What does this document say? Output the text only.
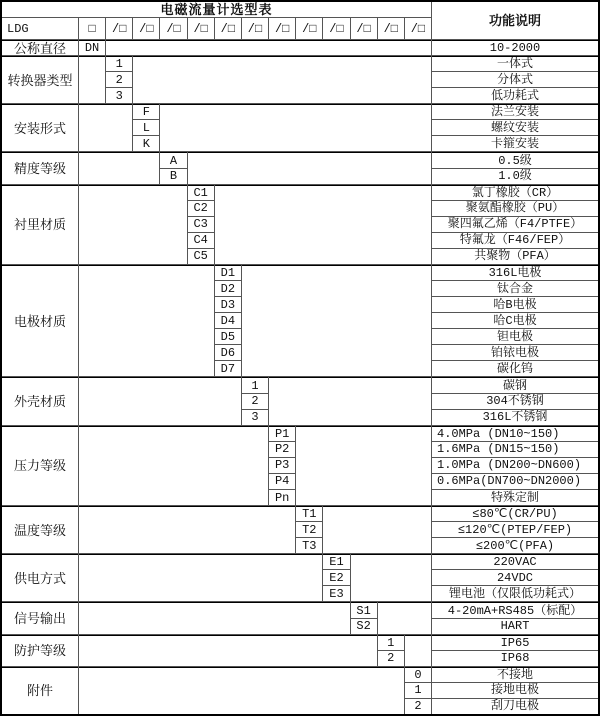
电磁流量计选型表
功能说明
LDG	□	/□	/□	/□	/□	/□	/□	/□	/□	/□	/□	/□	/□
公称直径	DN	10-2000
转换器类型
1	一体式
2	分体式
3	低功耗式
安装形式
F	法兰安装
L	螺纹安装
K	卡箍安装
精度等级
A	0.5级
B	1.0级
衬里材质
C1	氯丁橡胶（CR）
C2	聚氨酯橡胶（PU）
C3	聚四氟乙烯（F4/PTFE）
C4	特氟龙（F46/FEP）
C5	共聚物（PFA）
电极材质
D1	316L电极
D2	钛合金
D3	哈B电极
D4	哈C电极
D5	钽电极
D6	铂铱电极
D7	碳化钨
外壳材质
1	碳钢
2	304不锈钢
3	316L不锈钢
压力等级
P1	4.0MPa (DN10~150)
P2	1.6MPa (DN15~150)
P3	1.0MPa (DN200~DN600)
P4	0.6MPa(DN700~DN2000)
Pn	特殊定制
温度等级
T1	≤80℃(CR/PU)
T2	≤120℃(PTEP/FEP)
T3	≤200℃(PFA)
供电方式
E1	220VAC
E2	24VDC
E3	锂电池（仅限低功耗式）
信号输出
S1	4-20mA+RS485（标配）
S2	HART
防护等级
1	IP65
2	IP68
附件
0	不接地
1	接地电极
2	刮刀电极
